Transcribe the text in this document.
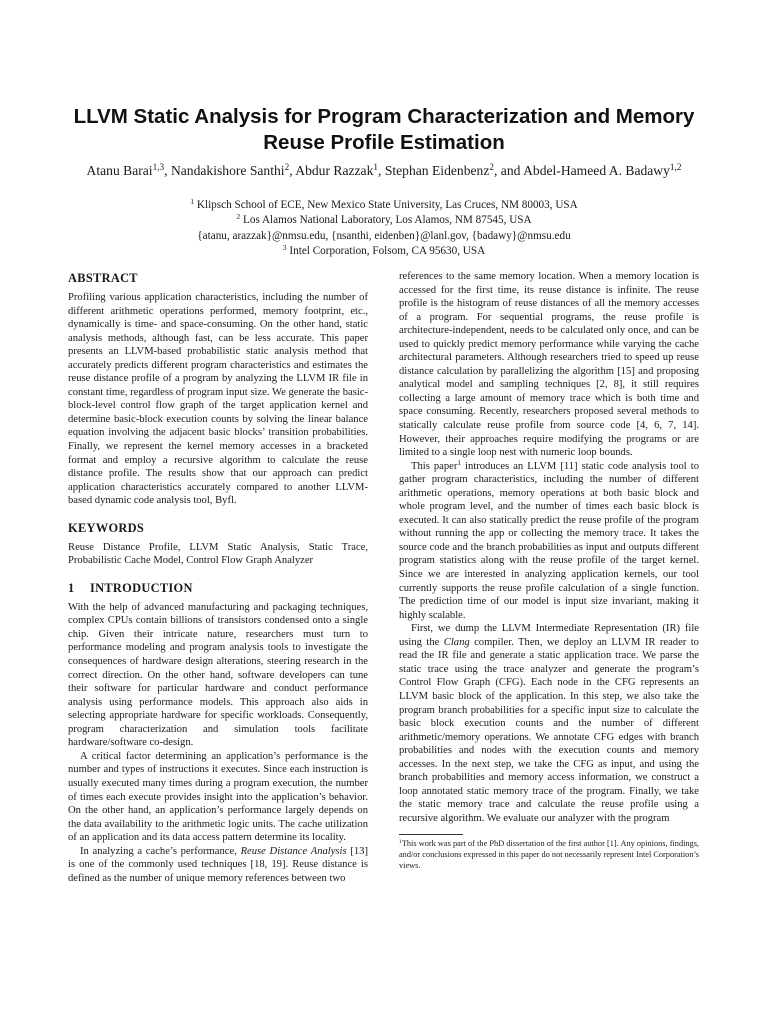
LLVM Static Analysis for Program Characterization and Memory Reuse Profile Estimation

Atanu Barai$^{1,3}$, Nandakishore Santhi$^2$, Abdur Razzak$^1$, Stephan Eidenbenz$^2$, and Abdel-Hameed A. Badawy$^{1,2}$

$^1$ Klipsch School of ECE, New Mexico State University, Las Cruces, NM 80003, USA
$^2$ Los Alamos National Laboratory, Los Alamos, NM 87545, USA
{atanu, arazzak}@nmsu.edu, {nsanthi, eidenben}@lanl.gov, {badawy}@nmsu.edu
$^3$ Intel Corporation, Folsom, CA 95630, USA
ABSTRACT

Profiling various application characteristics, including the number of different arithmetic operations performed, memory footprint, etc., dynamically is time- and space-consuming. On the other hand, static analysis methods, although fast, can be less accurate. This paper presents an LLVM-based probabilistic static analysis method that accurately predicts different program characteristics and estimates the reuse distance profile of a program by analyzing the LLVM IR file in constant time, regardless of program input size. We generate the basic-block-level control flow graph of the target application kernel and determine basic-block execution counts by solving the linear balance equation involving the adjacent basic blocks’ transition probabilities. Finally, we represent the kernel memory accesses in a bracketed format and employ a recursive algorithm to calculate the reuse distance profile. The results show that our approach can predict application characteristics accurately compared to another LLVM-based dynamic code analysis tool, Byfl.

KEYWORDS

Reuse Distance Profile, LLVM Static Analysis, Static Trace, Probabilistic Cache Model, Control Flow Graph Analyzer

1 INTRODUCTION

With the help of advanced manufacturing and packaging techniques, complex CPUs contain billions of transistors condensed onto a single chip. Given their intricate nature, researchers must turn to performance modeling and program analysis tools to investigate the consequences of hardware design alterations, steering research in the correct direction. On the other hand, software developers can tune their software for particular hardware and conduct performance analysis using performance models. This approach also aids in selecting appropriate hardware for specific workloads. Consequently, program characterization and simulation tools facilitate hardware/software co-design.

A critical factor determining an application’s performance is the number and types of instructions it executes. Since each instruction is usually executed many times during a program execution, the number of times each execute provides insight into the application’s behavior. On the other hand, an application’s performance largely depends on the data availability to the arithmetic logic units. The cache utilization of an application and its data access pattern determine its locality.

In analyzing a cache’s performance, Reuse Distance Analysis [13] is one of the commonly used techniques [18, 19]. Reuse distance is defined as the number of unique memory references between two

references to the same memory location. When a memory location is accessed for the first time, its reuse distance is infinite. The reuse profile is the histogram of reuse distances of all the memory accesses of a program. For sequential programs, the reuse profile is architecture-independent, needs to be calculated only once, and can be used to quickly predict memory performance while varying the cache architectural parameters. Although researchers tried to speed up reuse distance calculation by parallelizing the algorithm [15] and proposing analytical model and sampling techniques [2, 8], it still requires collecting a large amount of memory trace which is both time and space consuming. Recently, researchers proposed several methods to statically calculate reuse profile from source code [4, 6, 7, 14]. However, their approaches require modifying the programs or are limited to a single loop nest with numeric loop bounds.

This paper$^1$ introduces an LLVM [11] static code analysis tool to gather program characteristics, including the number of different arithmetic operations, memory operations at both basic block and whole program level, and the number of times each basic block is executed. It can also statically predict the reuse profile of the program without running the app or collecting the memory trace. It takes the source code and the branch probabilities as input and outputs different program statistics along with the reuse profile of the target kernel. Since we are interested in analyzing application kernels, our tool currently supports the reuse profile calculation of a single function. The prediction time of our model is input size invariant, making it highly scalable.

First, we dump the LLVM Intermediate Representation (IR) file using the Clang compiler. Then, we deploy an LLVM IR reader to read the IR file and generate a static application trace. We parse the static trace using the trace analyzer and generate the program’s Control Flow Graph (CFG). Each node in the CFG represents an LLVM basic block of the application. In this step, we also take the program branch probabilities for a specific input size to calculate the basic block execution counts and the number of different arithmetic/memory operations. We annotate CFG edges with branch probabilities and nodes with the execution counts and memory accesses. In the next step, we take the CFG as input, and using the branch probabilities and memory access information, we construct a loop annotated static memory trace of the program. Finally, we take the static memory trace and calculate the reuse profile using a recursive algorithm. We evaluate our analyzer with the program

$^1$This work was part of the PhD dissertation of the first author [1]. Any opinions, findings, and/or conclusions expressed in this paper do not necessarily represent Intel Corporation’s views.
